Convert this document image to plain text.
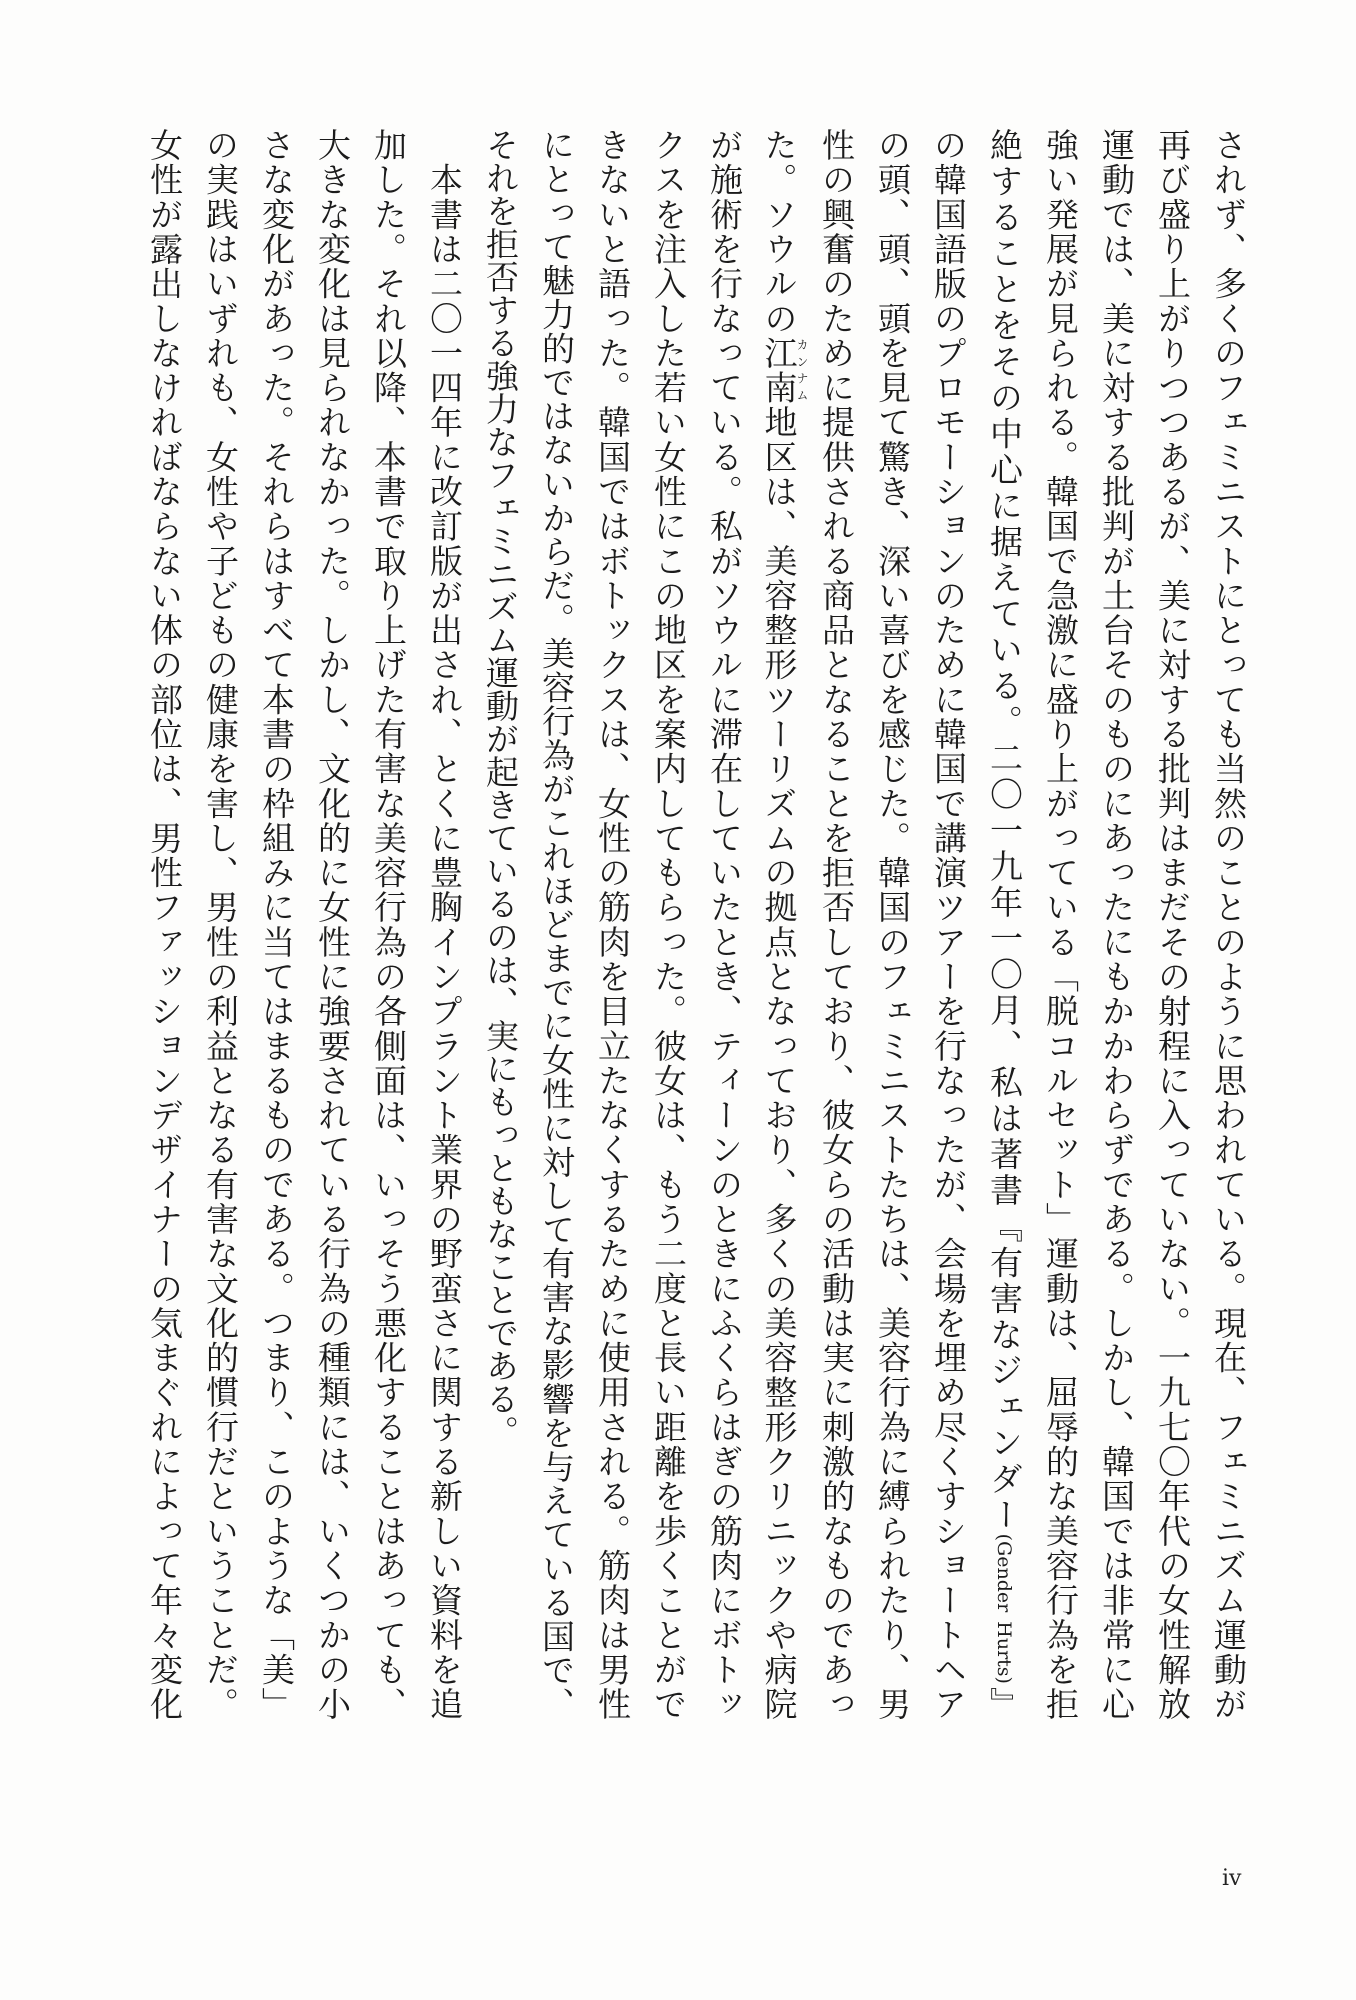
されず、多くのフェミニストにとっても当然のことのように思われている。現在、フェミニズム運動が
再び盛り上がりつつあるが、美に対する批判はまだその射程に入っていない。一九七〇年代の女性解放
運動では、美に対する批判が土台そのものにあったにもかかわらずである。しかし、韓国では非常に心
強い発展が見られる。韓国で急激に盛り上がっている「脱コルセット」運動は、屈辱的な美容行為を拒
絶することをその中心に据えている。二〇一九年一〇月、私は著書『有害なジェンダー(Gender Hurts)』
の韓国語版のプロモーションのために韓国で講演ツアーを行なったが、会場を埋め尽くすショートヘア
の頭、頭、頭を見て驚き、深い喜びを感じた。韓国のフェミニストたちは、美容行為に縛られたり、男
性の興奮のために提供される商品となることを拒否しており、彼女らの活動は実に刺激的なものであっ
た。ソウルの江南カンナム地区は、美容整形ツーリズムの拠点となっており、多くの美容整形クリニックや病院
が施術を行なっている。私がソウルに滞在していたとき、ティーンのときにふくらはぎの筋肉にボトッ
クスを注入した若い女性にこの地区を案内してもらった。彼女は、もう二度と長い距離を歩くことがで
きないと語った。韓国ではボトックスは、女性の筋肉を目立たなくするために使用される。筋肉は男性
にとって魅力的ではないからだ。美容行為がこれほどまでに女性に対して有害な影響を与えている国で、
それを拒否する強力なフェミニズム運動が起きているのは、実にもっともなことである。
　本書は二〇一四年に改訂版が出され、とくに豊胸インプラント業界の野蛮さに関する新しい資料を追
加した。それ以降、本書で取り上げた有害な美容行為の各側面は、いっそう悪化することはあっても、
大きな変化は見られなかった。しかし、文化的に女性に強要されている行為の種類には、いくつかの小
さな変化があった。それらはすべて本書の枠組みに当てはまるものである。つまり、このような「美」
の実践はいずれも、女性や子どもの健康を害し、男性の利益となる有害な文化的慣行だということだ。
女性が露出しなければならない体の部位は、男性ファッションデザイナーの気まぐれによって年々変化
iv
